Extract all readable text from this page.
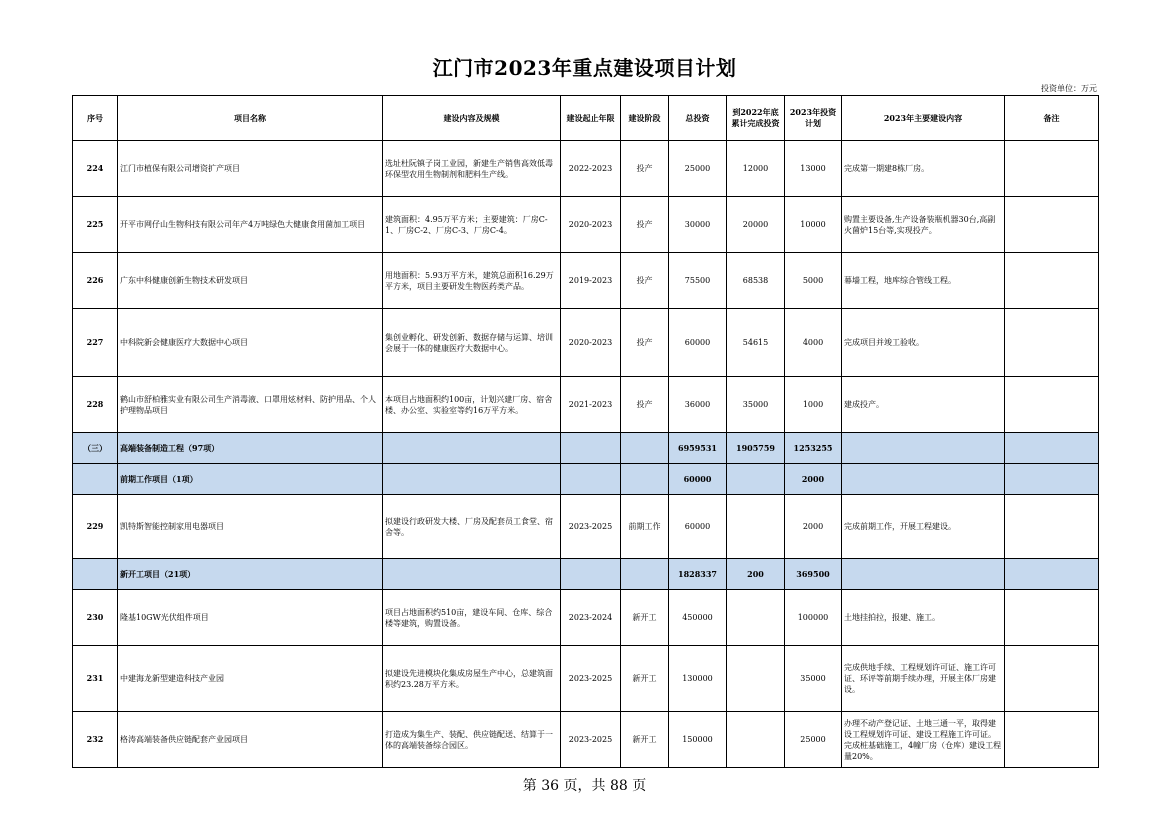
江门市2023年重点建设项目计划
投资单位：万元
序号	项目名称	建设内容及规模	建设起止年限	建设阶段	总投资	到2022年底累计完成投资	2023年投资计划	2023年主要建设内容	备注
224	江门市植保有限公司增资扩产项目	选址杜阮镇子岗工业园，新建生产销售高效低毒环保型农用生物制剂和肥料生产线。	2022-2023	投产	25000	12000	13000	完成第一期建8栋厂房。	
225	开平市网仔山生物科技有限公司年产4万吨绿色大健康食用菌加工项目	建筑面积：4.95万平方米；主要建筑：厂房C-1、厂房C-2、厂房C-3、厂房C-4。	2020-2023	投产	30000	20000	10000	购置主要设备,生产设备装瓶机器30台,高副火菌炉15台等,实现投产。	
226	广东中科健康创新生物技术研发项目	用地面积：5.93万平方米，建筑总面积16.29万平方米，项目主要研发生物医药类产品。	2019-2023	投产	75500	68538	5000	幕墙工程，地库综合管线工程。	
227	中科院新会健康医疗大数据中心项目	集创业孵化、研发创新、数据存储与运算、培训会展于一体的健康医疗大数据中心。	2020-2023	投产	60000	54615	4000	完成项目并竣工验收。	
228	鹤山市舒柏雅实业有限公司生产消毒液、口罩用炫材料、防护用品、个人护理物品项目	本项目占地面积约100亩，计划兴建厂房、宿舍楼、办公室、实验室等约16万平方米。	2021-2023	投产	36000	35000	1000	建成投产。	
（三）	高端装备制造工程（97项）				6959531	1905759	1253255		
	前期工作项目（1项）				60000		2000		
229	凯特斯智能控制家用电器项目	拟建设行政研发大楼、厂房及配套员工食堂、宿舍等。	2023-2025	前期工作	60000		2000	完成前期工作，开展工程建设。	
	新开工项目（21项）				1828337	200	369500		
230	隆基10GW光伏组件项目	项目占地面积约510亩，建设车间、仓库、综合楼等建筑，购置设备。	2023-2024	新开工	450000		100000	土地挂拍拉，报建、施工。	
231	中建海龙新型建造科技产业园	拟建设先进模块化集成房屋生产中心，总建筑面积约23.28万平方米。	2023-2025	新开工	130000		35000	完成供地手续、工程规划许可证、施工许可证、环评等前期手续办理，开展主体厂房建设。	
232	格涛高端装备供应链配套产业园项目	打造成为集生产、装配、供应链配送、结算于一体的高端装备综合园区。	2023-2025	新开工	150000		25000	办理不动产登记证、土地三通一平，取得建设工程规划许可证、建设工程施工许可证。完成桩基础施工，4幢厂房（仓库）建设工程量20%。	
第 36 页，共 88 页
